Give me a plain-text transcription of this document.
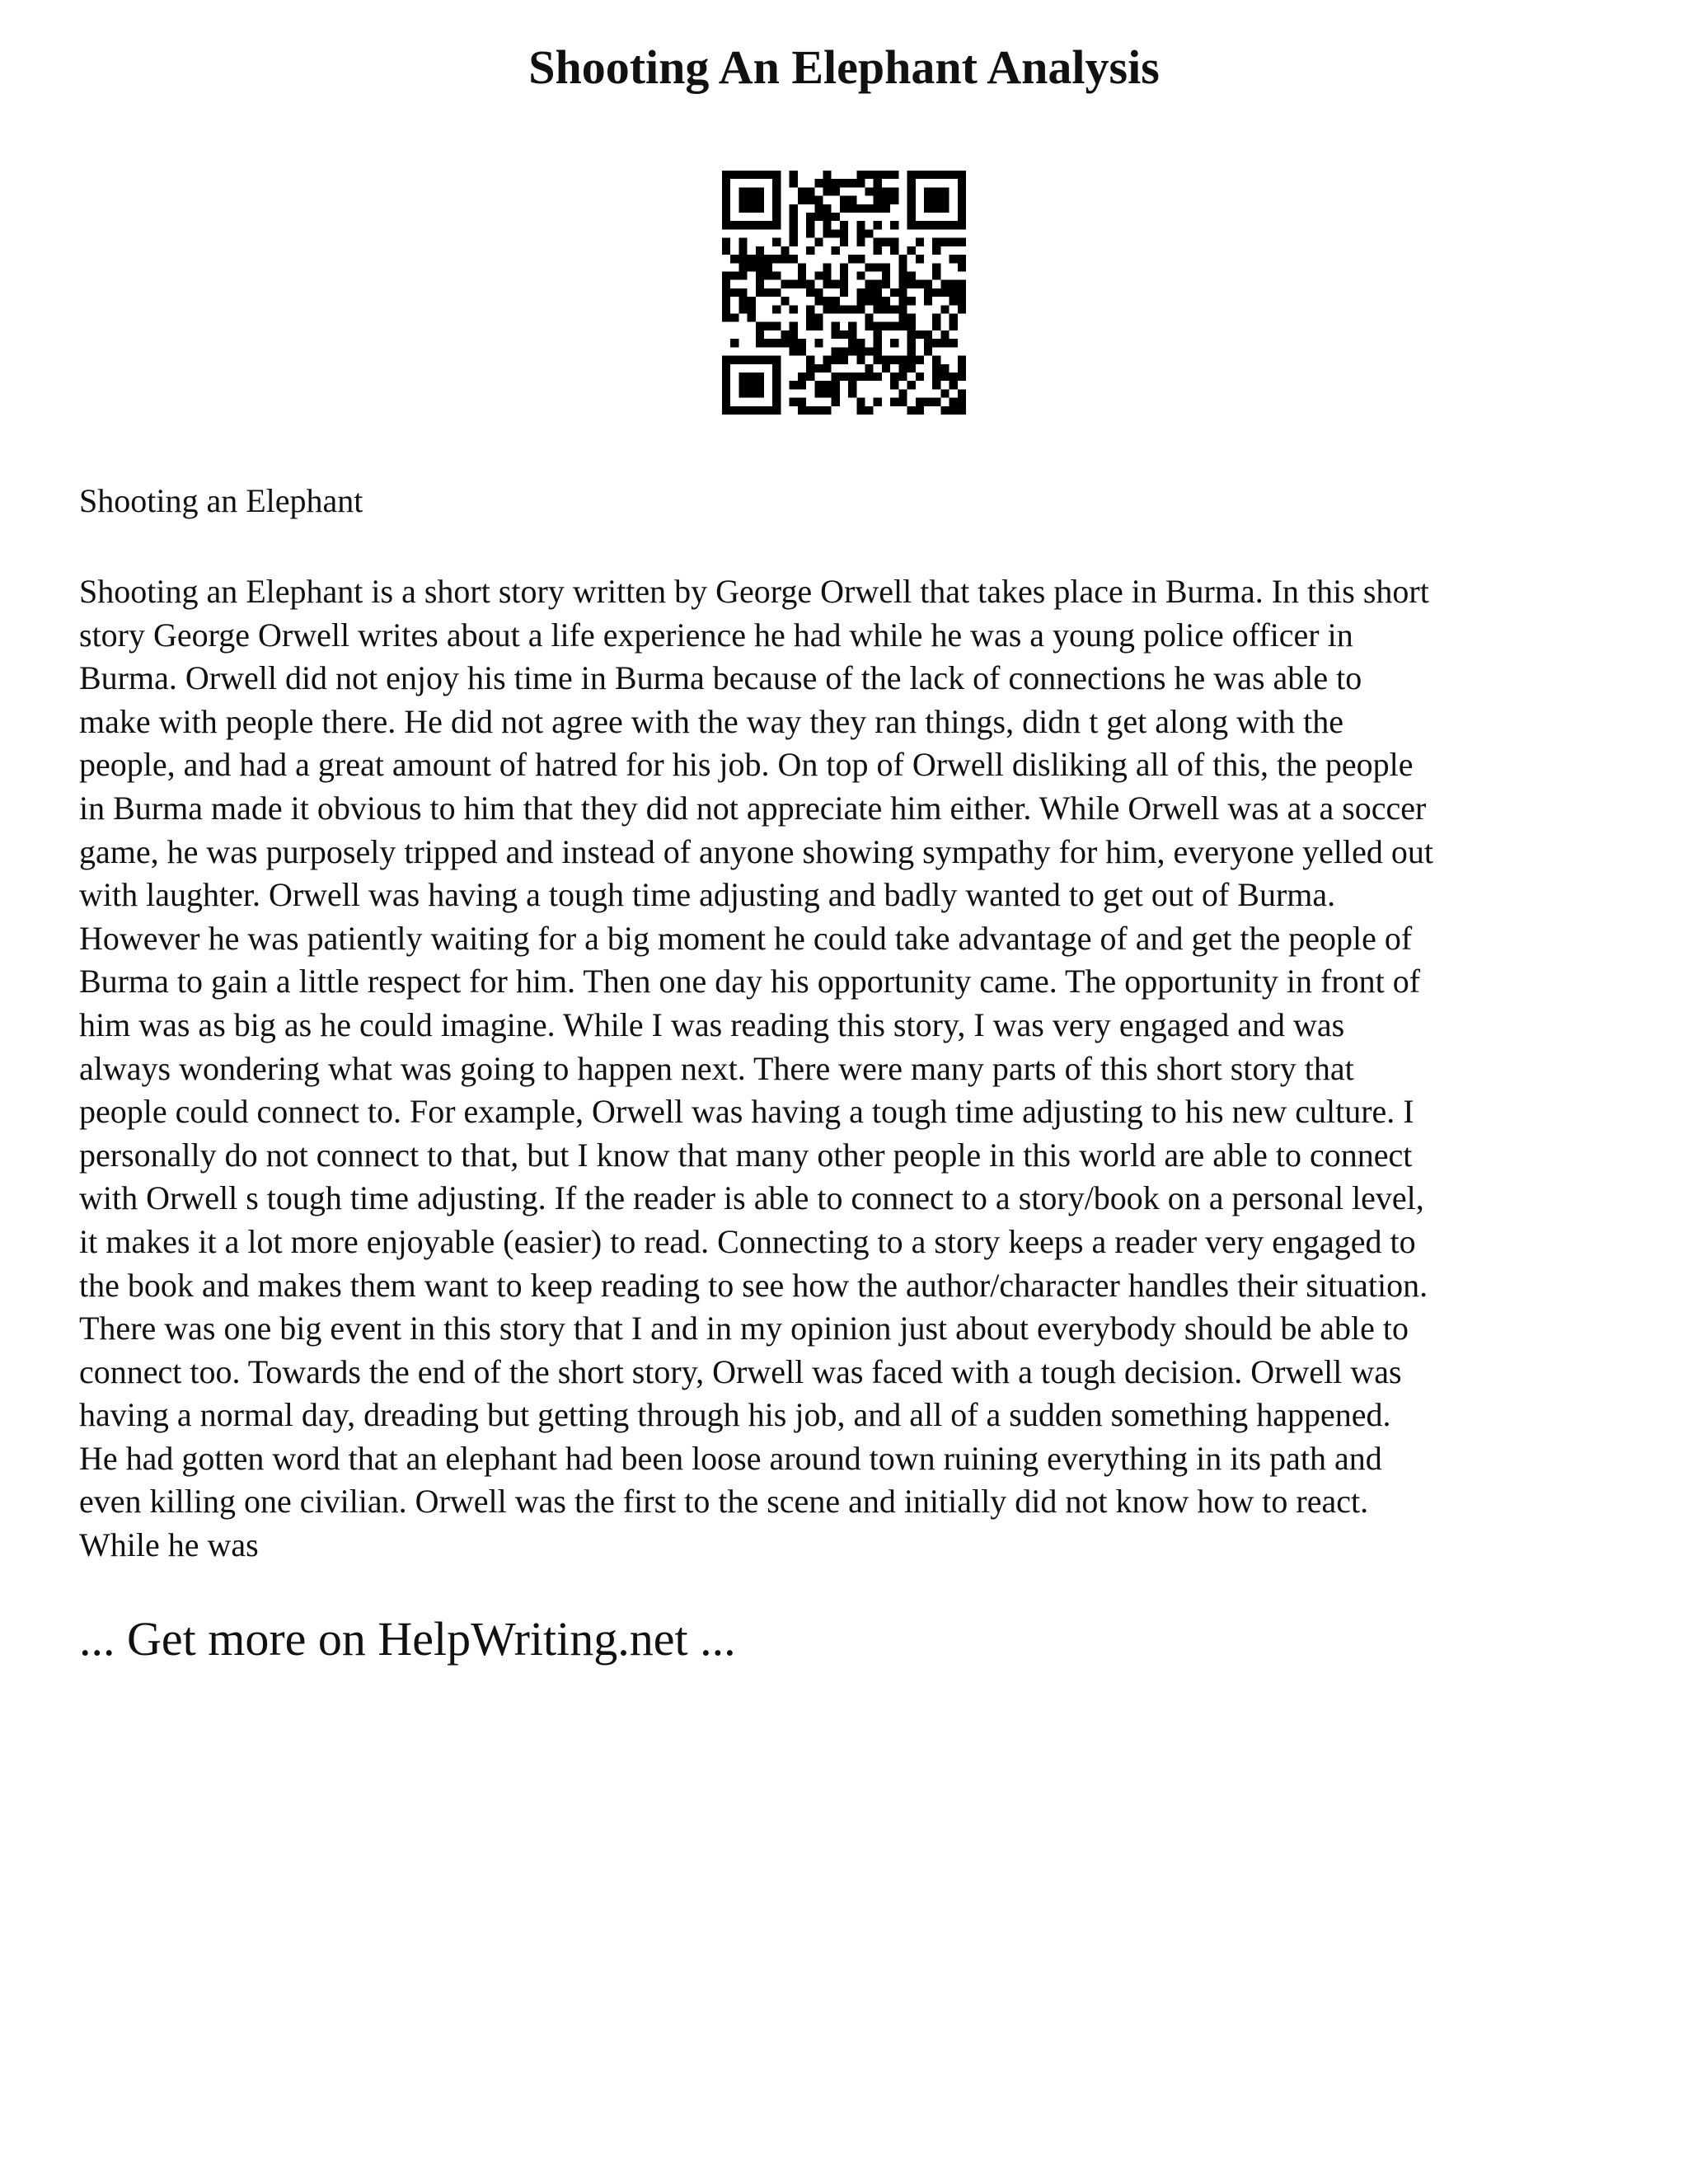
Shooting An Elephant Analysis

Shooting an Elephant

Shooting an Elephant is a short story written by George Orwell that takes place in Burma. In this short
story George Orwell writes about a life experience he had while he was a young police officer in
Burma. Orwell did not enjoy his time in Burma because of the lack of connections he was able to
make with people there. He did not agree with the way they ran things, didn t get along with the
people, and had a great amount of hatred for his job. On top of Orwell disliking all of this, the people
in Burma made it obvious to him that they did not appreciate him either. While Orwell was at a soccer
game, he was purposely tripped and instead of anyone showing sympathy for him, everyone yelled out
with laughter. Orwell was having a tough time adjusting and badly wanted to get out of Burma.
However he was patiently waiting for a big moment he could take advantage of and get the people of
Burma to gain a little respect for him. Then one day his opportunity came. The opportunity in front of
him was as big as he could imagine. While I was reading this story, I was very engaged and was
always wondering what was going to happen next. There were many parts of this short story that
people could connect to. For example, Orwell was having a tough time adjusting to his new culture. I
personally do not connect to that, but I know that many other people in this world are able to connect
with Orwell s tough time adjusting. If the reader is able to connect to a story/book on a personal level,
it makes it a lot more enjoyable (easier) to read. Connecting to a story keeps a reader very engaged to
the book and makes them want to keep reading to see how the author/character handles their situation.
There was one big event in this story that I and in my opinion just about everybody should be able to
connect too. Towards the end of the short story, Orwell was faced with a tough decision. Orwell was
having a normal day, dreading but getting through his job, and all of a sudden something happened.
He had gotten word that an elephant had been loose around town ruining everything in its path and
even killing one civilian. Orwell was the first to the scene and initially did not know how to react.
While he was

... Get more on HelpWriting.net ...
